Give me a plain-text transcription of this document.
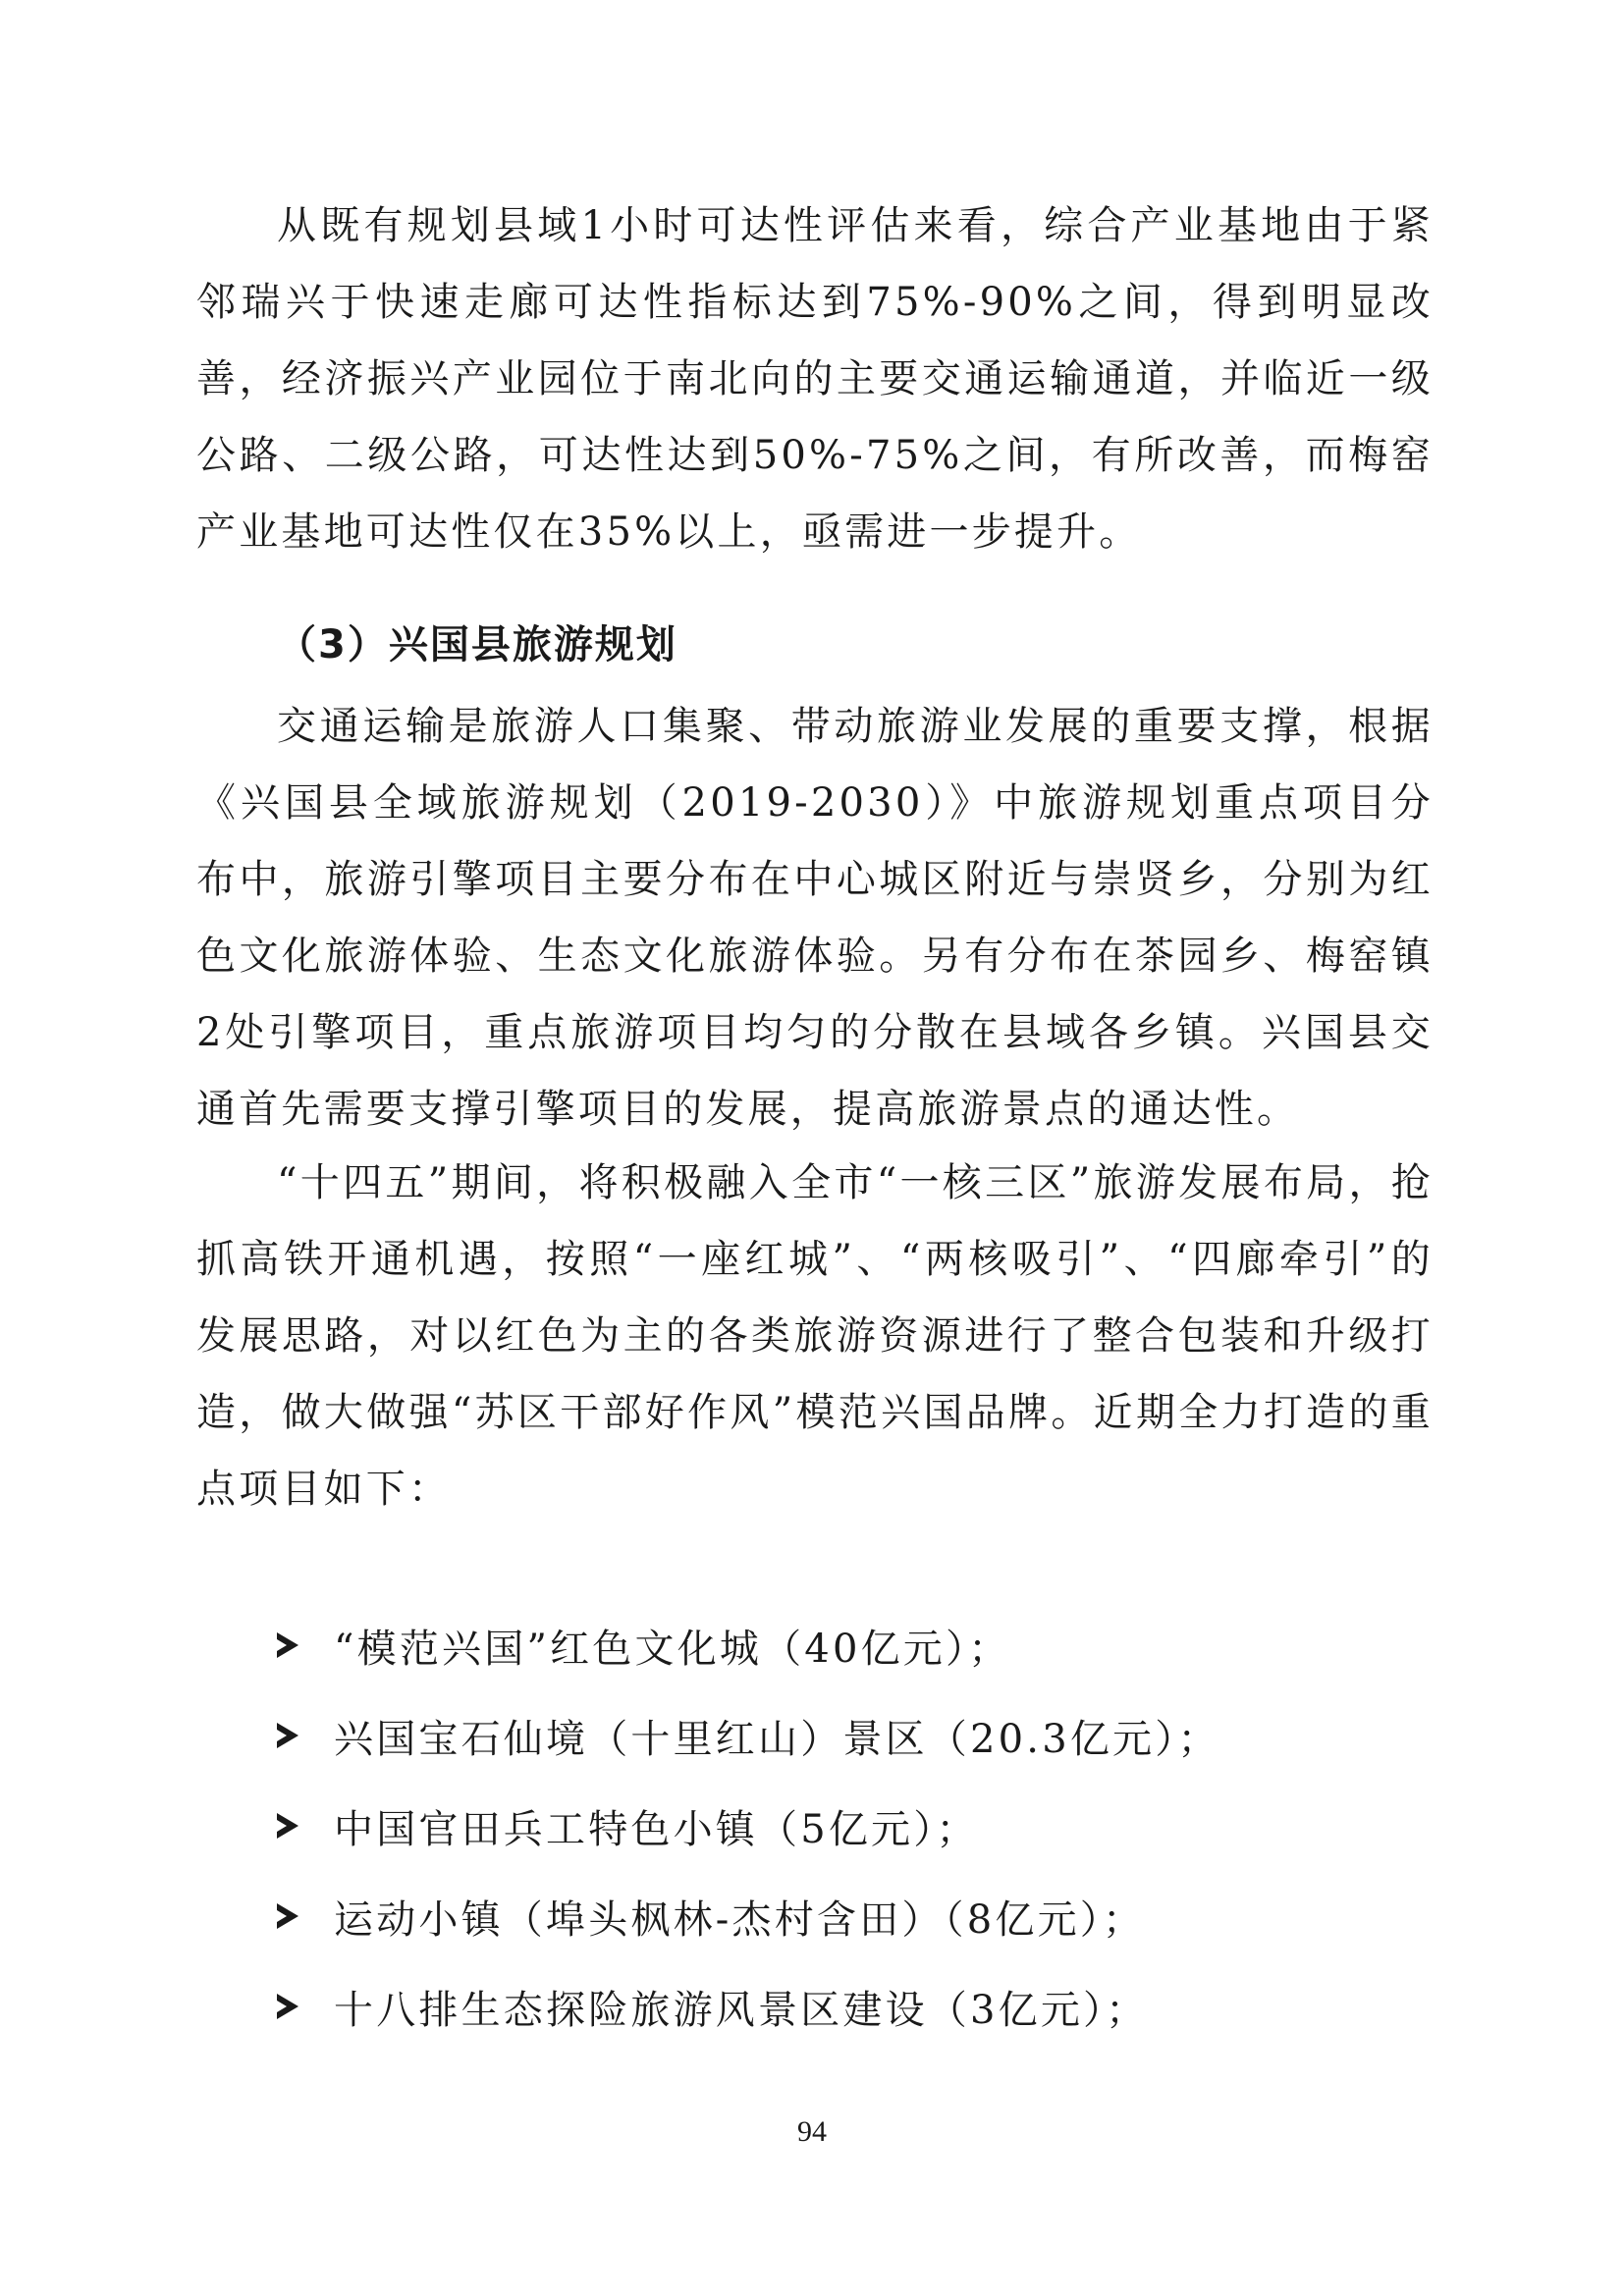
从既有规划县域1小时可达性评估来看，综合产业基地由于紧邻瑞兴于快速走廊可达性指标达到75%-90%之间，得到明显改善，经济振兴产业园位于南北向的主要交通运输通道，并临近一级公路、二级公路，可达性达到50%-75%之间，有所改善，而梅窑产业基地可达性仅在35%以上，亟需进一步提升。

（3）兴国县旅游规划

交通运输是旅游人口集聚、带动旅游业发展的重要支撑，根据《兴国县全域旅游规划（2019-2030）》中旅游规划重点项目分布中，旅游引擎项目主要分布在中心城区附近与崇贤乡，分别为红色文化旅游体验、生态文化旅游体验。另有分布在茶园乡、梅窑镇2处引擎项目，重点旅游项目均匀的分散在县域各乡镇。兴国县交通首先需要支撑引擎项目的发展，提高旅游景点的通达性。

“十四五”期间，将积极融入全市“一核三区”旅游发展布局，抢抓高铁开通机遇，按照“一座红城”、“两核吸引”、“四廊牵引”的发展思路，对以红色为主的各类旅游资源进行了整合包装和升级打造，做大做强“苏区干部好作风”模范兴国品牌。近期全力打造的重点项目如下：

“模范兴国”红色文化城（40亿元）；
兴国宝石仙境（十里红山）景区（20.3亿元）；
中国官田兵工特色小镇（5亿元）；
运动小镇（埠头枫林-杰村含田）（8亿元）；
十八排生态探险旅游风景区建设（3亿元）；

94
